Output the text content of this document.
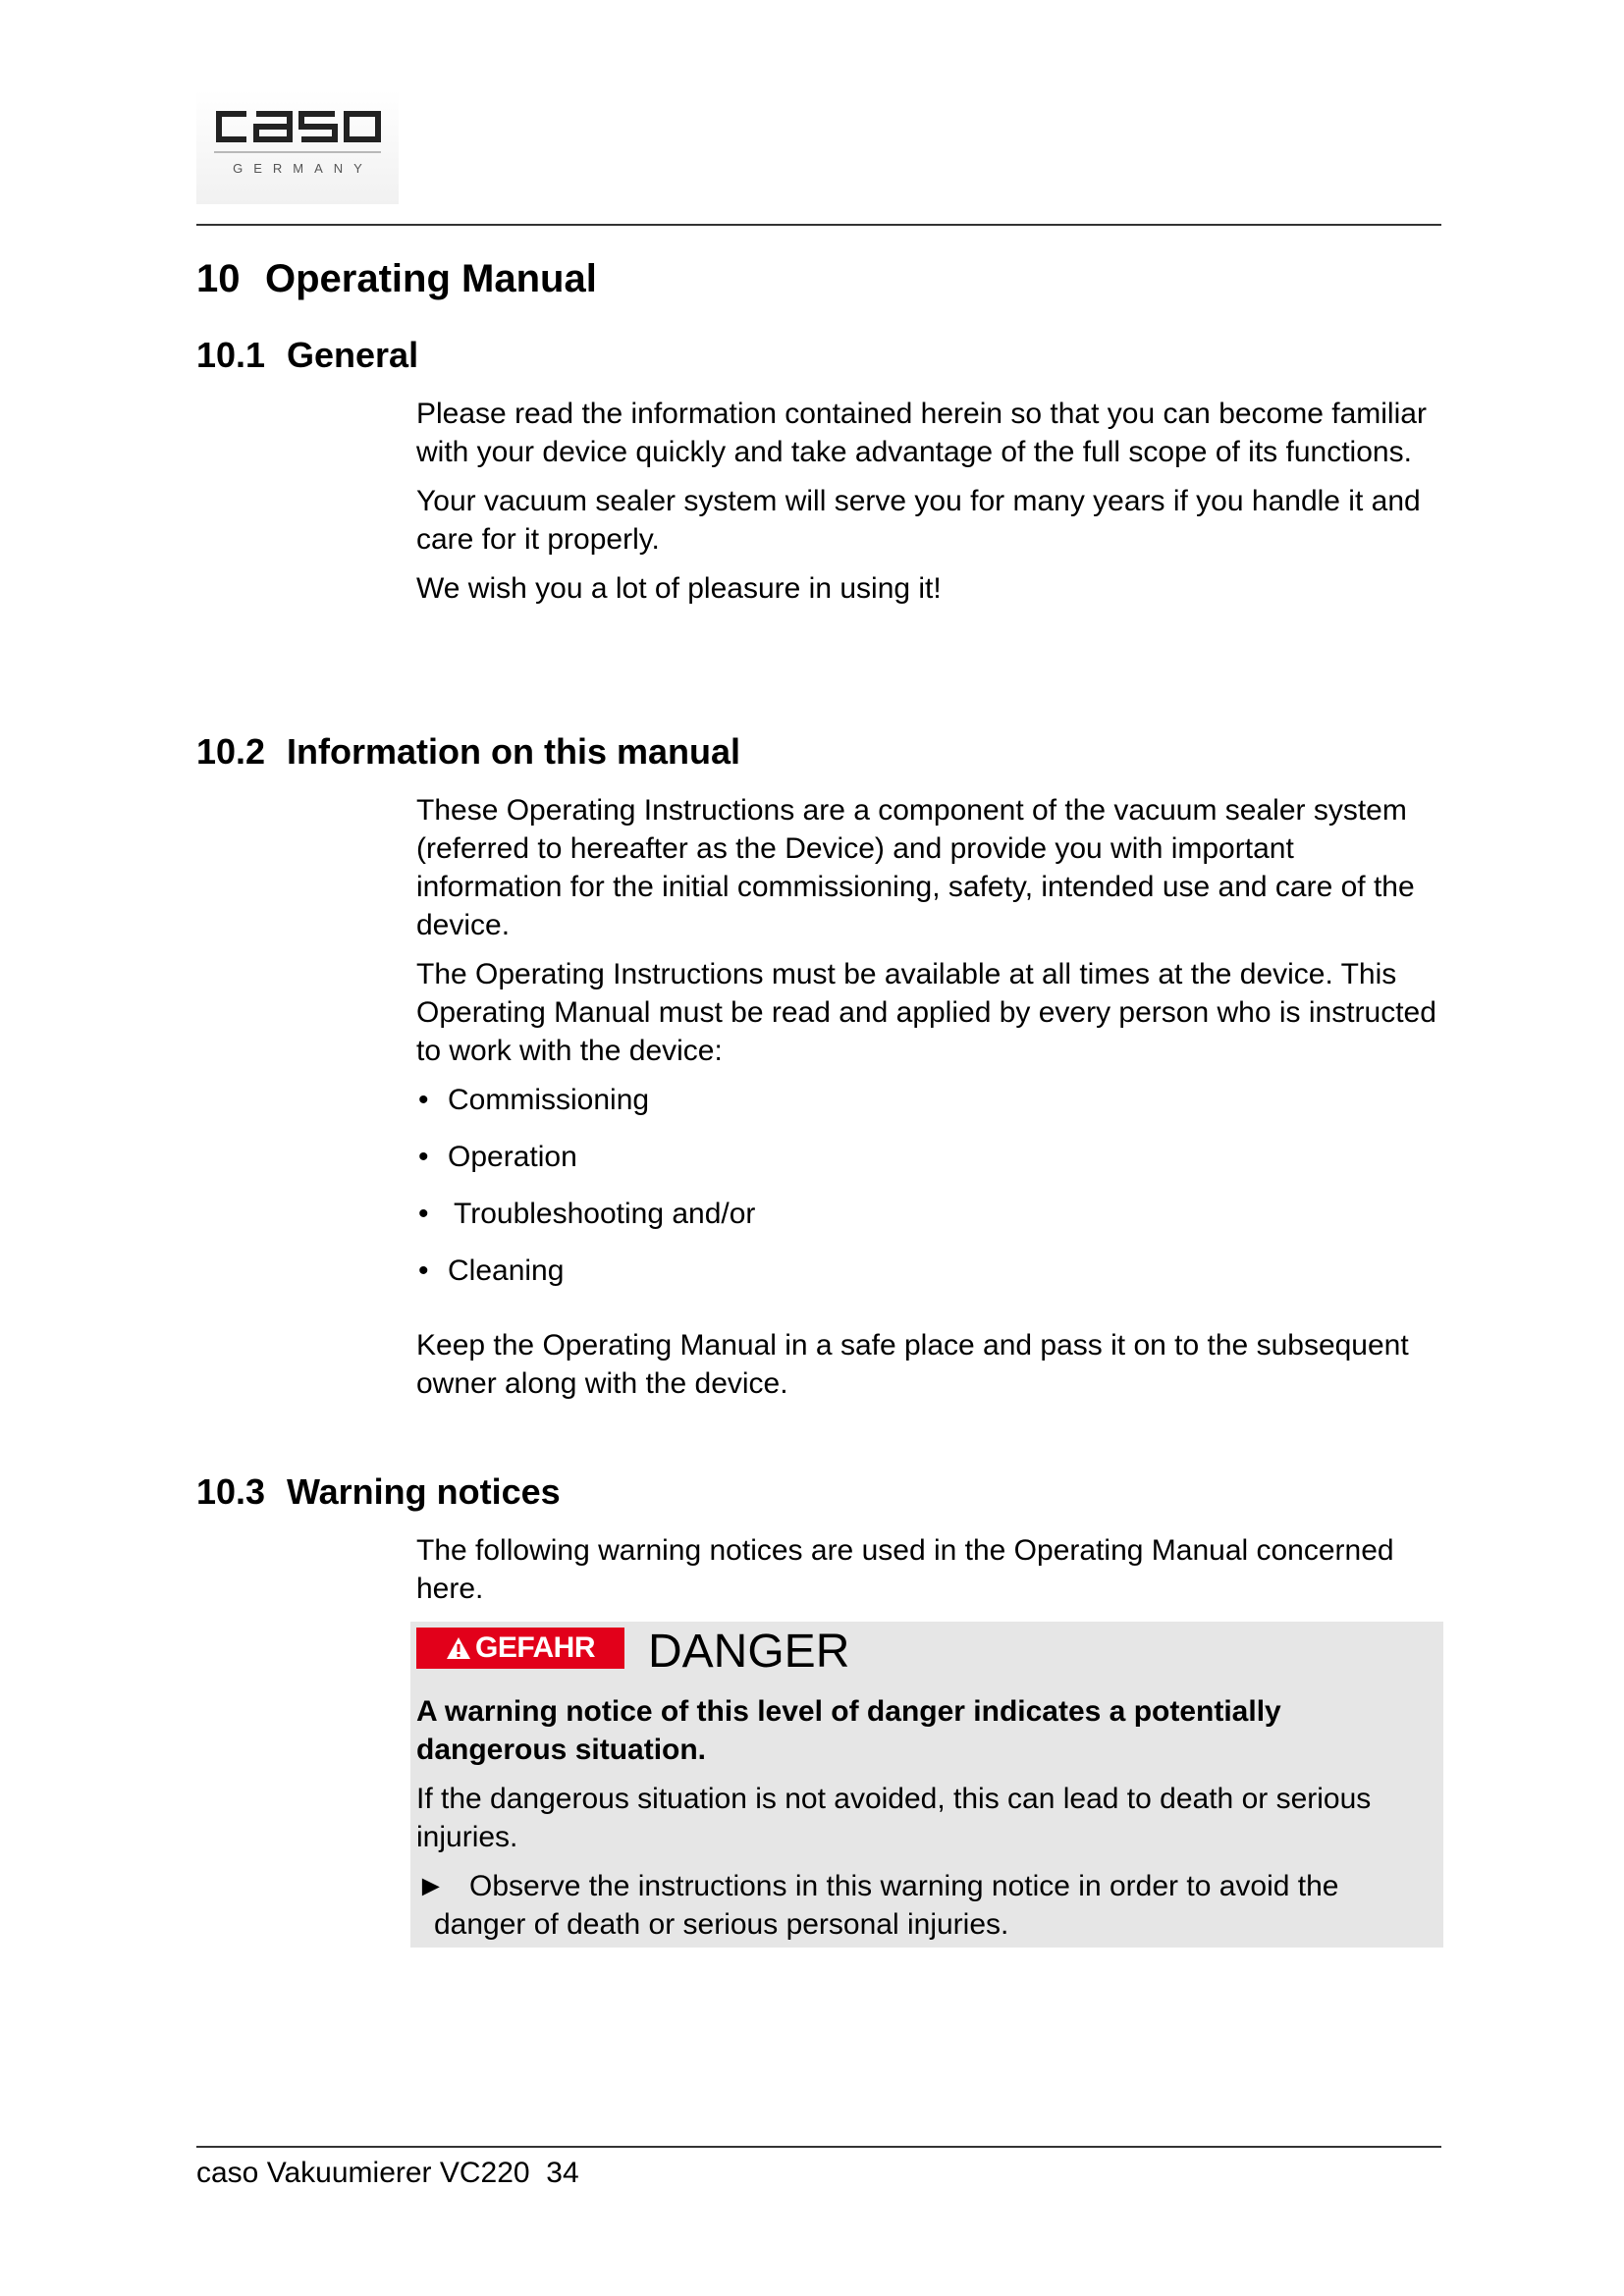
GERMANY
10 Operating Manual
10.1 General

Please read the information contained herein so that you can become familiar with your device quickly and take advantage of the full scope of its functions.

Your vacuum sealer system will serve you for many years if you handle it and care for it properly.

We wish you a lot of pleasure in using it!

10.2 Information on this manual

These Operating Instructions are a component of the vacuum sealer system (referred to hereafter as the Device) and provide you with important information for the initial commissioning, safety, intended use and care of the device.

The Operating Instructions must be available at all times at the device. This Operating Manual must be read and applied by every person who is instructed to work with the device:

• Commissioning
• Operation
• Troubleshooting and/or
• Cleaning

Keep the Operating Manual in a safe place and pass it on to the subsequent owner along with the device.

10.3 Warning notices

The following warning notices are used in the Operating Manual concerned here.

GEFAHR DANGER

A warning notice of this level of danger indicates a potentially dangerous situation.

If the dangerous situation is not avoided, this can lead to death or serious injuries.

► Observe the instructions in this warning notice in order to avoid the
danger of death or serious personal injuries.
caso Vakuumierer VC220 34
